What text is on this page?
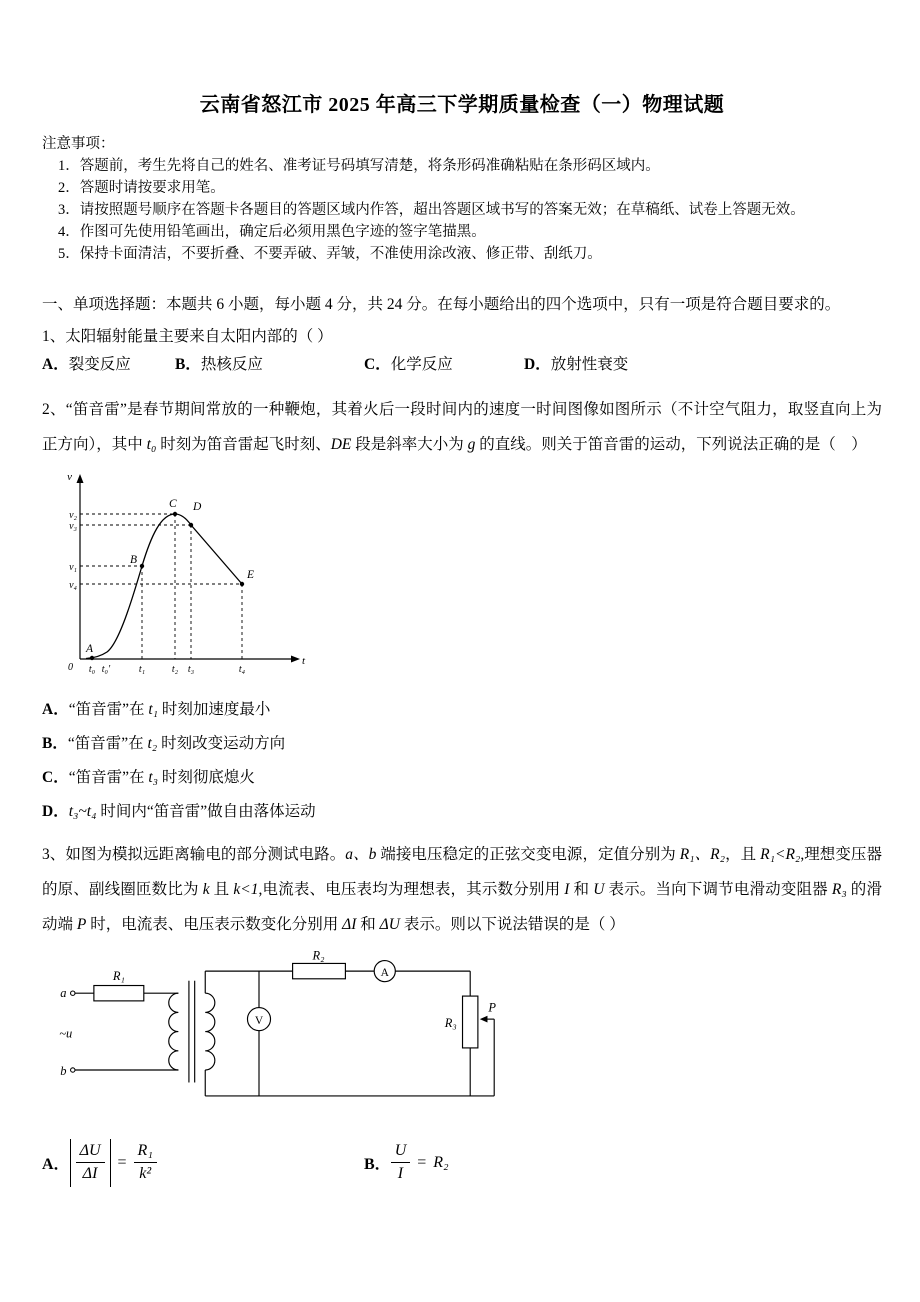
云南省怒江市 2025 年高三下学期质量检查（一）物理试题
注意事项：
1．答题前，考生先将自己的姓名、准考证号码填写清楚，将条形码准确粘贴在条形码区域内。
2．答题时请按要求用笔。
3．请按照题号顺序在答题卡各题目的答题区域内作答，超出答题区域书写的答案无效；在草稿纸、试卷上答题无效。
4．作图可先使用铅笔画出，确定后必须用黑色字迹的签字笔描黑。
5．保持卡面清洁，不要折叠、不要弄破、弄皱，不准使用涂改液、修正带、刮纸刀。
一、单项选择题：本题共 6 小题，每小题 4 分，共 24 分。在每小题给出的四个选项中，只有一项是符合题目要求的。
1、太阳辐射能量主要来自太阳内部的（ ）
A．裂变反应	B．热核反应	C．化学反应	D．放射性衰变

2、“笛音雷”是春节期间常放的一种鞭炮，其着火后一段时间内的速度一时间图像如图所示（不计空气阻力，取竖直向上为正方向），其中 t₀ 时刻为笛音雷起飞时刻、DE 段是斜率大小为 g 的直线。则关于笛音雷的运动，下列说法正确的是（　）

v
t
0
v₂
v₃
v₁
v₄
t₀ t₀′	t₁	t₂ t₃	t₄
A
B
C D
E
A．“笛音雷”在 t₁ 时刻加速度最小
B．“笛音雷”在 t₂ 时刻改变运动方向
C．“笛音雷”在 t₃ 时刻彻底熄火
D．t₃~t₄ 时间内“笛音雷”做自由落体运动

3、如图为模拟远距离输电的部分测试电路。a、b 端接电压稳定的正弦交变电源，定值分别为 R₁、R₂，且 R₁<R₂,理想变压器的原、副线圈匝数比为 k 且 k<1,电流表、电压表均为理想表，其示数分别用 I 和 U 表示。当向下调节电滑动变阻器 R₃ 的滑动端 P 时，电流表、电压表示数变化分别用 ΔI 和 ΔU 表示。则以下说法错误的是（ ）

a
b
~u
R₁
R₂
R₃
P
V
A
A． $\frac{\Delta U}{\Delta I} = \frac{\text{R₁}}{\text{k²}}$	B． $\frac{U}{I} = R_2$
